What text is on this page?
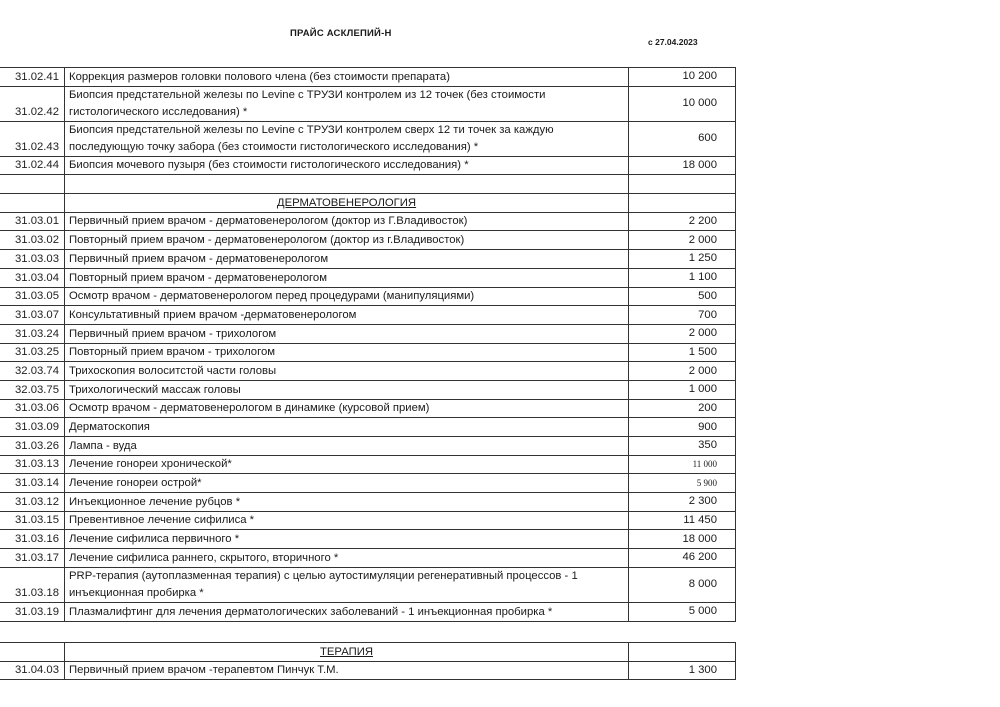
ПРАЙС АСКЛЕПИЙ-Н
с 27.04.2023
31.02.41	Коррекция размеров головки полового члена (без стоимости препарата)	10 200
31.02.42	Биопсия предстательной железы по Levine с ТРУЗИ контролем из 12 точек (без стоимости гистологического исследования) *	10 000
31.02.43	Биопсия предстательной железы по Levine с ТРУЗИ контролем сверх 12 ти точек за каждую последующую точку забора (без стоимости гистологического исследования) *	600
31.02.44	Биопсия мочевого пузыря (без стоимости гистологического исследования) *	18 000

	ДЕРМАТОВЕНЕРОЛОГИЯ	
31.03.01	Первичный прием врачом - дерматовенерологом (доктор из Г.Владивосток)	2 200
31.03.02	Повторный прием врачом - дерматовенерологом (доктор из г.Владивосток)	2 000
31.03.03	Первичный прием врачом - дерматовенерологом	1 250
31.03.04	Повторный прием врачом - дерматовенерологом	1 100
31.03.05	Осмотр врачом - дерматовенерологом перед процедурами (манипуляциями)	500
31.03.07	Консультативный прием врачом -дерматовенерологом	700
31.03.24	Первичный прием врачом - трихологом	2 000
31.03.25	Повторный прием врачом - трихологом	1 500
32.03.74	Трихоскопия волоситстой части головы	2 000
32.03.75	Трихологический массаж головы	1 000
31.03.06	Осмотр врачом - дерматовенерологом в динамике (курсовой прием)	200
31.03.09	Дерматоскопия	900
31.03.26	Лампа - вуда	350
31.03.13	Лечение гонореи хронической*	11 000
31.03.14	Лечение гонореи острой*	5 900
31.03.12	Инъекционное лечение рубцов *	2 300
31.03.15	Превентивное лечение сифилиса *	11 450
31.03.16	Лечение сифилиса первичного *	18 000
31.03.17	Лечение сифилиса раннего, скрытого, вторичного *	46 200
31.03.18	PRP-терапия (аутоплазменная терапия) с целью аутостимуляции регенеративный процессов - 1 инъекционная пробирка *	8 000
31.03.19	Плазмалифтинг для лечения дерматологических заболеваний - 1 инъекционная пробирка *	5 000
	ТЕРАПИЯ	
31.04.03	Первичный прием врачом -терапевтом Пинчук Т.М.	1 300
